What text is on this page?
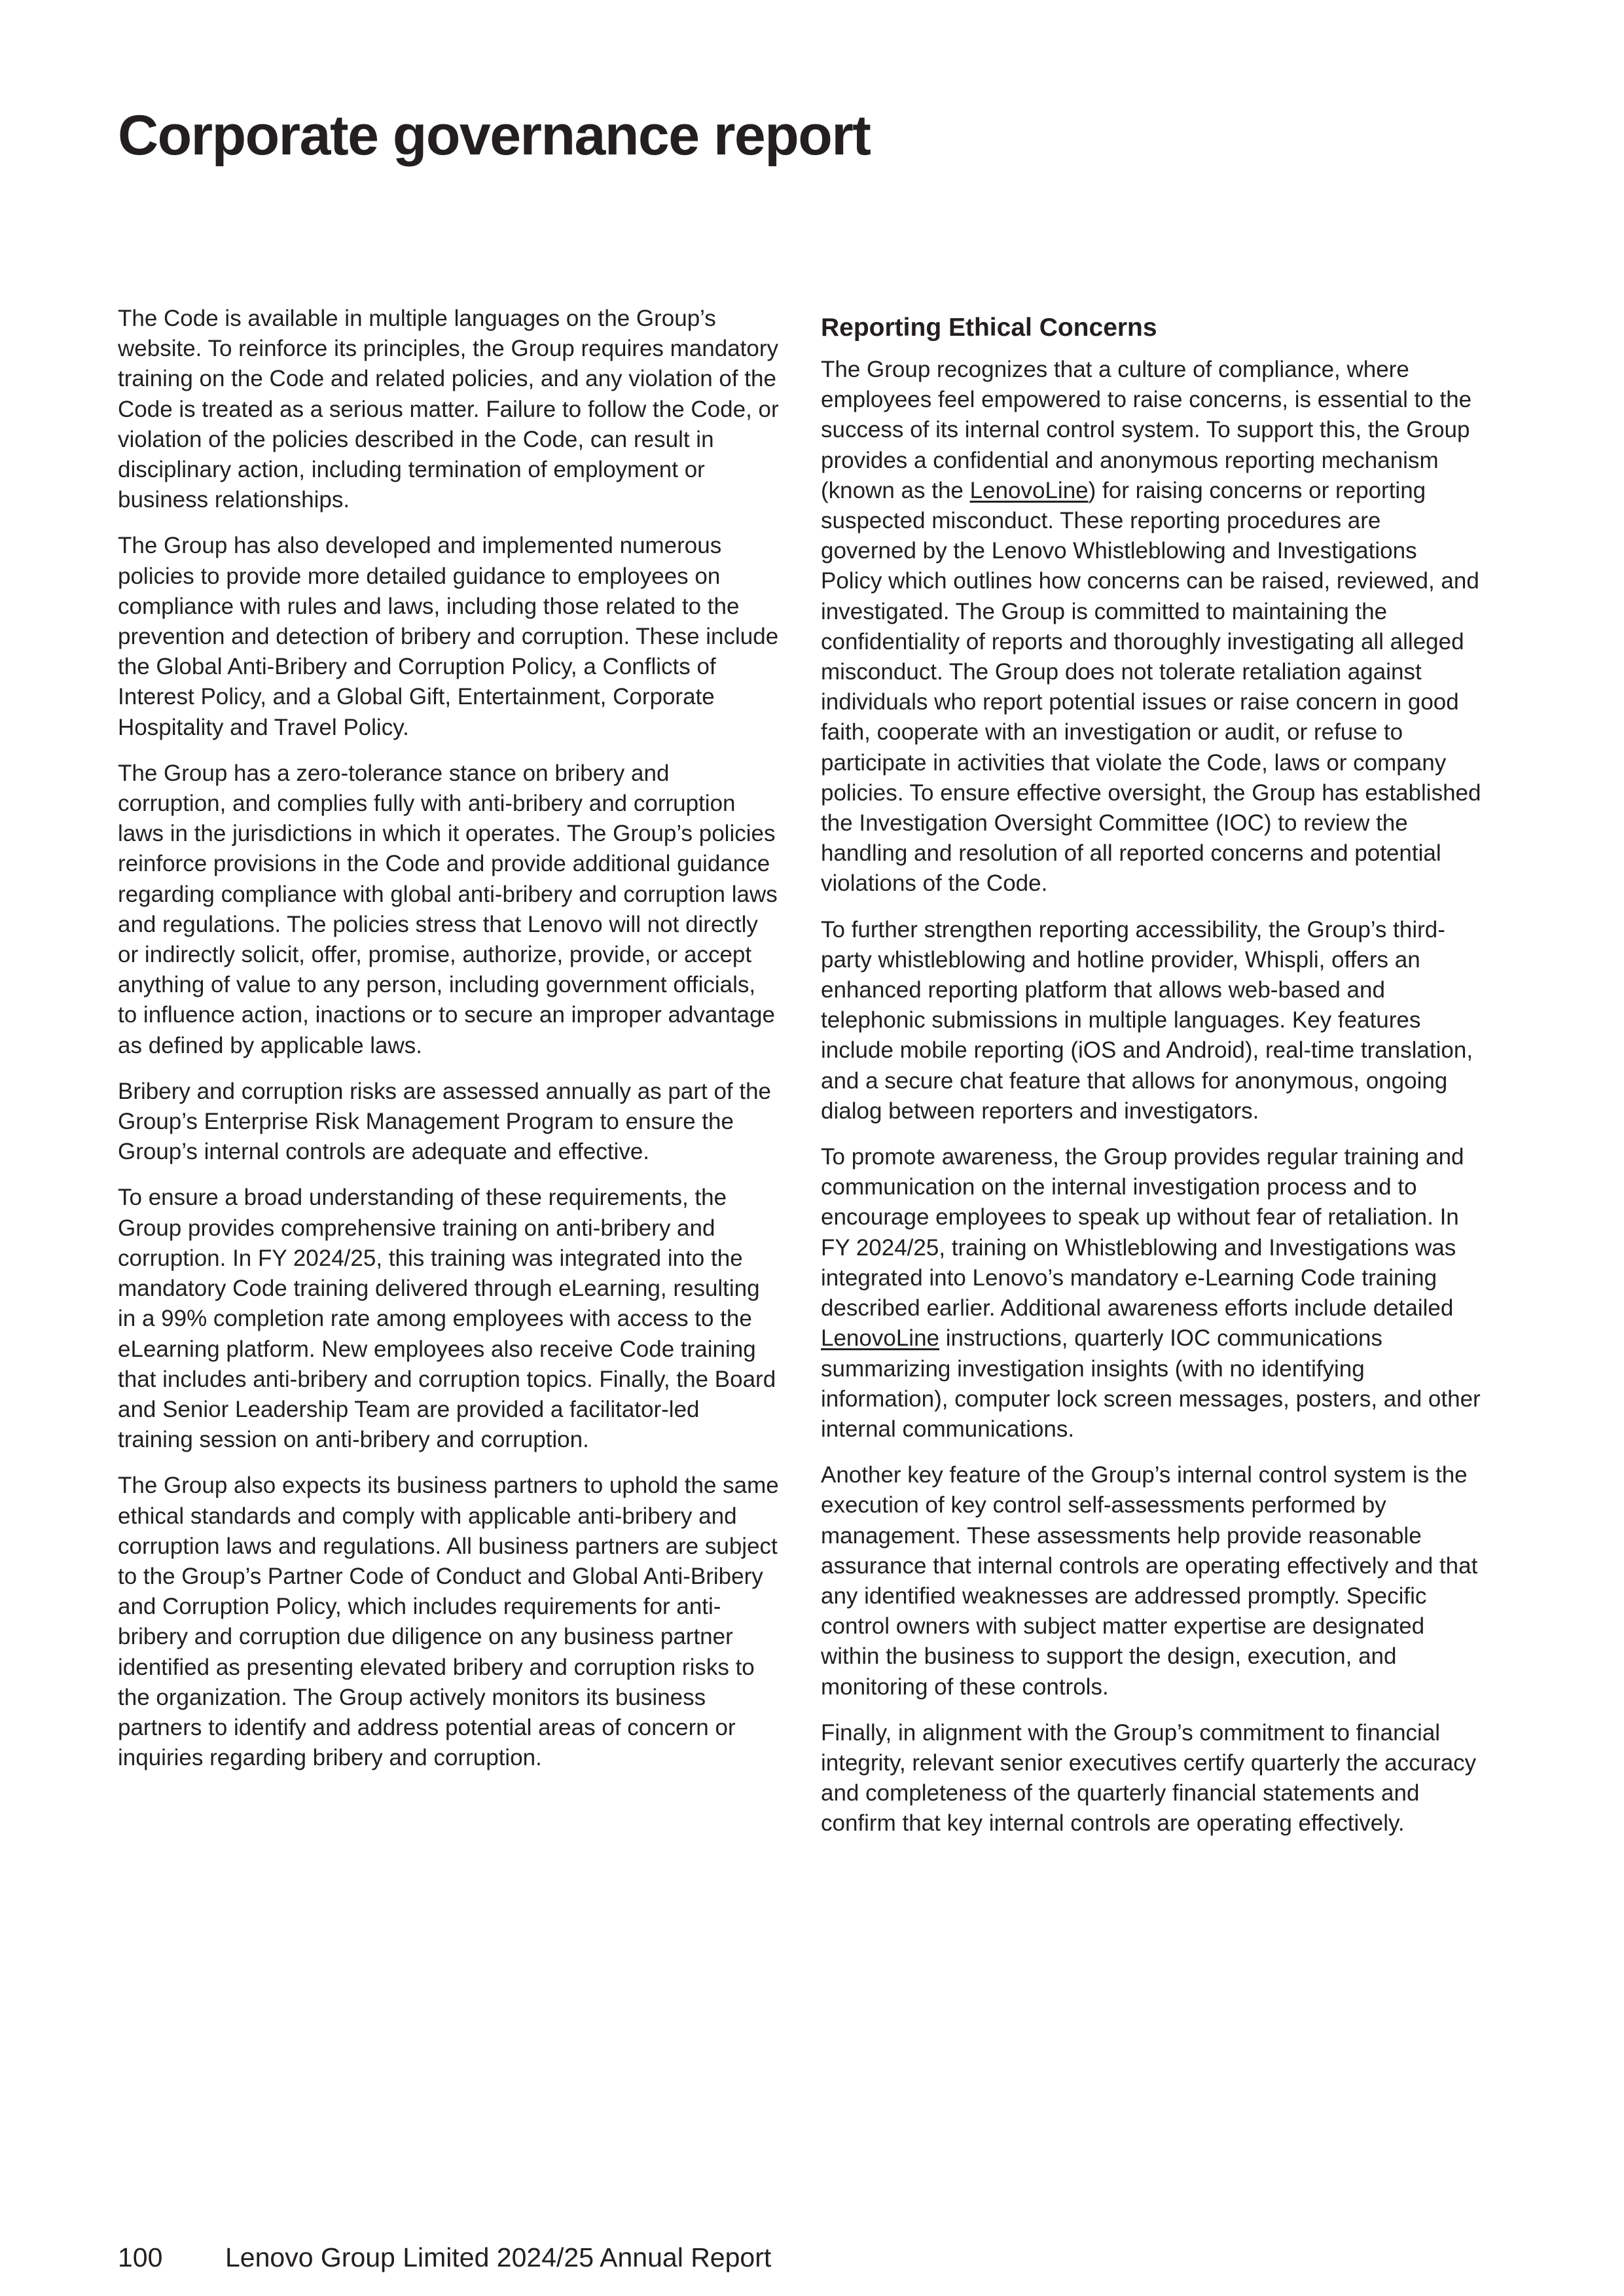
Corporate governance report

The Code is available in multiple languages on the Group’s website. To reinforce its principles, the Group requires mandatory training on the Code and related policies, and any violation of the Code is treated as a serious matter. Failure to follow the Code, or violation of the policies described in the Code, can result in disciplinary action, including termination of employment or business relationships.

The Group has also developed and implemented numerous policies to provide more detailed guidance to employees on compliance with rules and laws, including those related to the prevention and detection of bribery and corruption. These include the Global Anti-Bribery and Corruption Policy, a Conflicts of Interest Policy, and a Global Gift, Entertainment, Corporate Hospitality and Travel Policy.

The Group has a zero-tolerance stance on bribery and corruption, and complies fully with anti-bribery and corruption laws in the jurisdictions in which it operates. The Group’s policies reinforce provisions in the Code and provide additional guidance regarding compliance with global anti-bribery and corruption laws and regulations. The policies stress that Lenovo will not directly or indirectly solicit, offer, promise, authorize, provide, or accept anything of value to any person, including government officials, to influence action, inactions or to secure an improper advantage as defined by applicable laws.

Bribery and corruption risks are assessed annually as part of the Group’s Enterprise Risk Management Program to ensure the Group’s internal controls are adequate and effective.

To ensure a broad understanding of these requirements, the Group provides comprehensive training on anti-bribery and corruption. In FY 2024/25, this training was integrated into the mandatory Code training delivered through eLearning, resulting in a 99% completion rate among employees with access to the eLearning platform. New employees also receive Code training that includes anti-bribery and corruption topics. Finally, the Board and Senior Leadership Team are provided a facilitator-led training session on anti-bribery and corruption.

The Group also expects its business partners to uphold the same ethical standards and comply with applicable anti-bribery and corruption laws and regulations. All business partners are subject to the Group’s Partner Code of Conduct and Global Anti-Bribery and Corruption Policy, which includes requirements for anti-bribery and corruption due diligence on any business partner identified as presenting elevated bribery and corruption risks to the organization. The Group actively monitors its business partners to identify and address potential areas of concern or inquiries regarding bribery and corruption.

Reporting Ethical Concerns

The Group recognizes that a culture of compliance, where employees feel empowered to raise concerns, is essential to the success of its internal control system. To support this, the Group provides a confidential and anonymous reporting mechanism (known as the LenovoLine) for raising concerns or reporting suspected misconduct. These reporting procedures are governed by the Lenovo Whistleblowing and Investigations Policy which outlines how concerns can be raised, reviewed, and investigated. The Group is committed to maintaining the confidentiality of reports and thoroughly investigating all alleged misconduct. The Group does not tolerate retaliation against individuals who report potential issues or raise concern in good faith, cooperate with an investigation or audit, or refuse to participate in activities that violate the Code, laws or company policies. To ensure effective oversight, the Group has established the Investigation Oversight Committee (IOC) to review the handling and resolution of all reported concerns and potential violations of the Code.

To further strengthen reporting accessibility, the Group’s third-party whistleblowing and hotline provider, Whispli, offers an enhanced reporting platform that allows web-based and telephonic submissions in multiple languages. Key features include mobile reporting (iOS and Android), real-time translation, and a secure chat feature that allows for anonymous, ongoing dialog between reporters and investigators.

To promote awareness, the Group provides regular training and communication on the internal investigation process and to encourage employees to speak up without fear of retaliation. In FY 2024/25, training on Whistleblowing and Investigations was integrated into Lenovo’s mandatory e-Learning Code training described earlier. Additional awareness efforts include detailed LenovoLine instructions, quarterly IOC communications summarizing investigation insights (with no identifying information), computer lock screen messages, posters, and other internal communications.

Another key feature of the Group’s internal control system is the execution of key control self-assessments performed by management. These assessments help provide reasonable assurance that internal controls are operating effectively and that any identified weaknesses are addressed promptly. Specific control owners with subject matter expertise are designated within the business to support the design, execution, and monitoring of these controls.

Finally, in alignment with the Group’s commitment to financial integrity, relevant senior executives certify quarterly the accuracy and completeness of the quarterly financial statements and confirm that key internal controls are operating effectively.

100 Lenovo Group Limited 2024/25 Annual Report
